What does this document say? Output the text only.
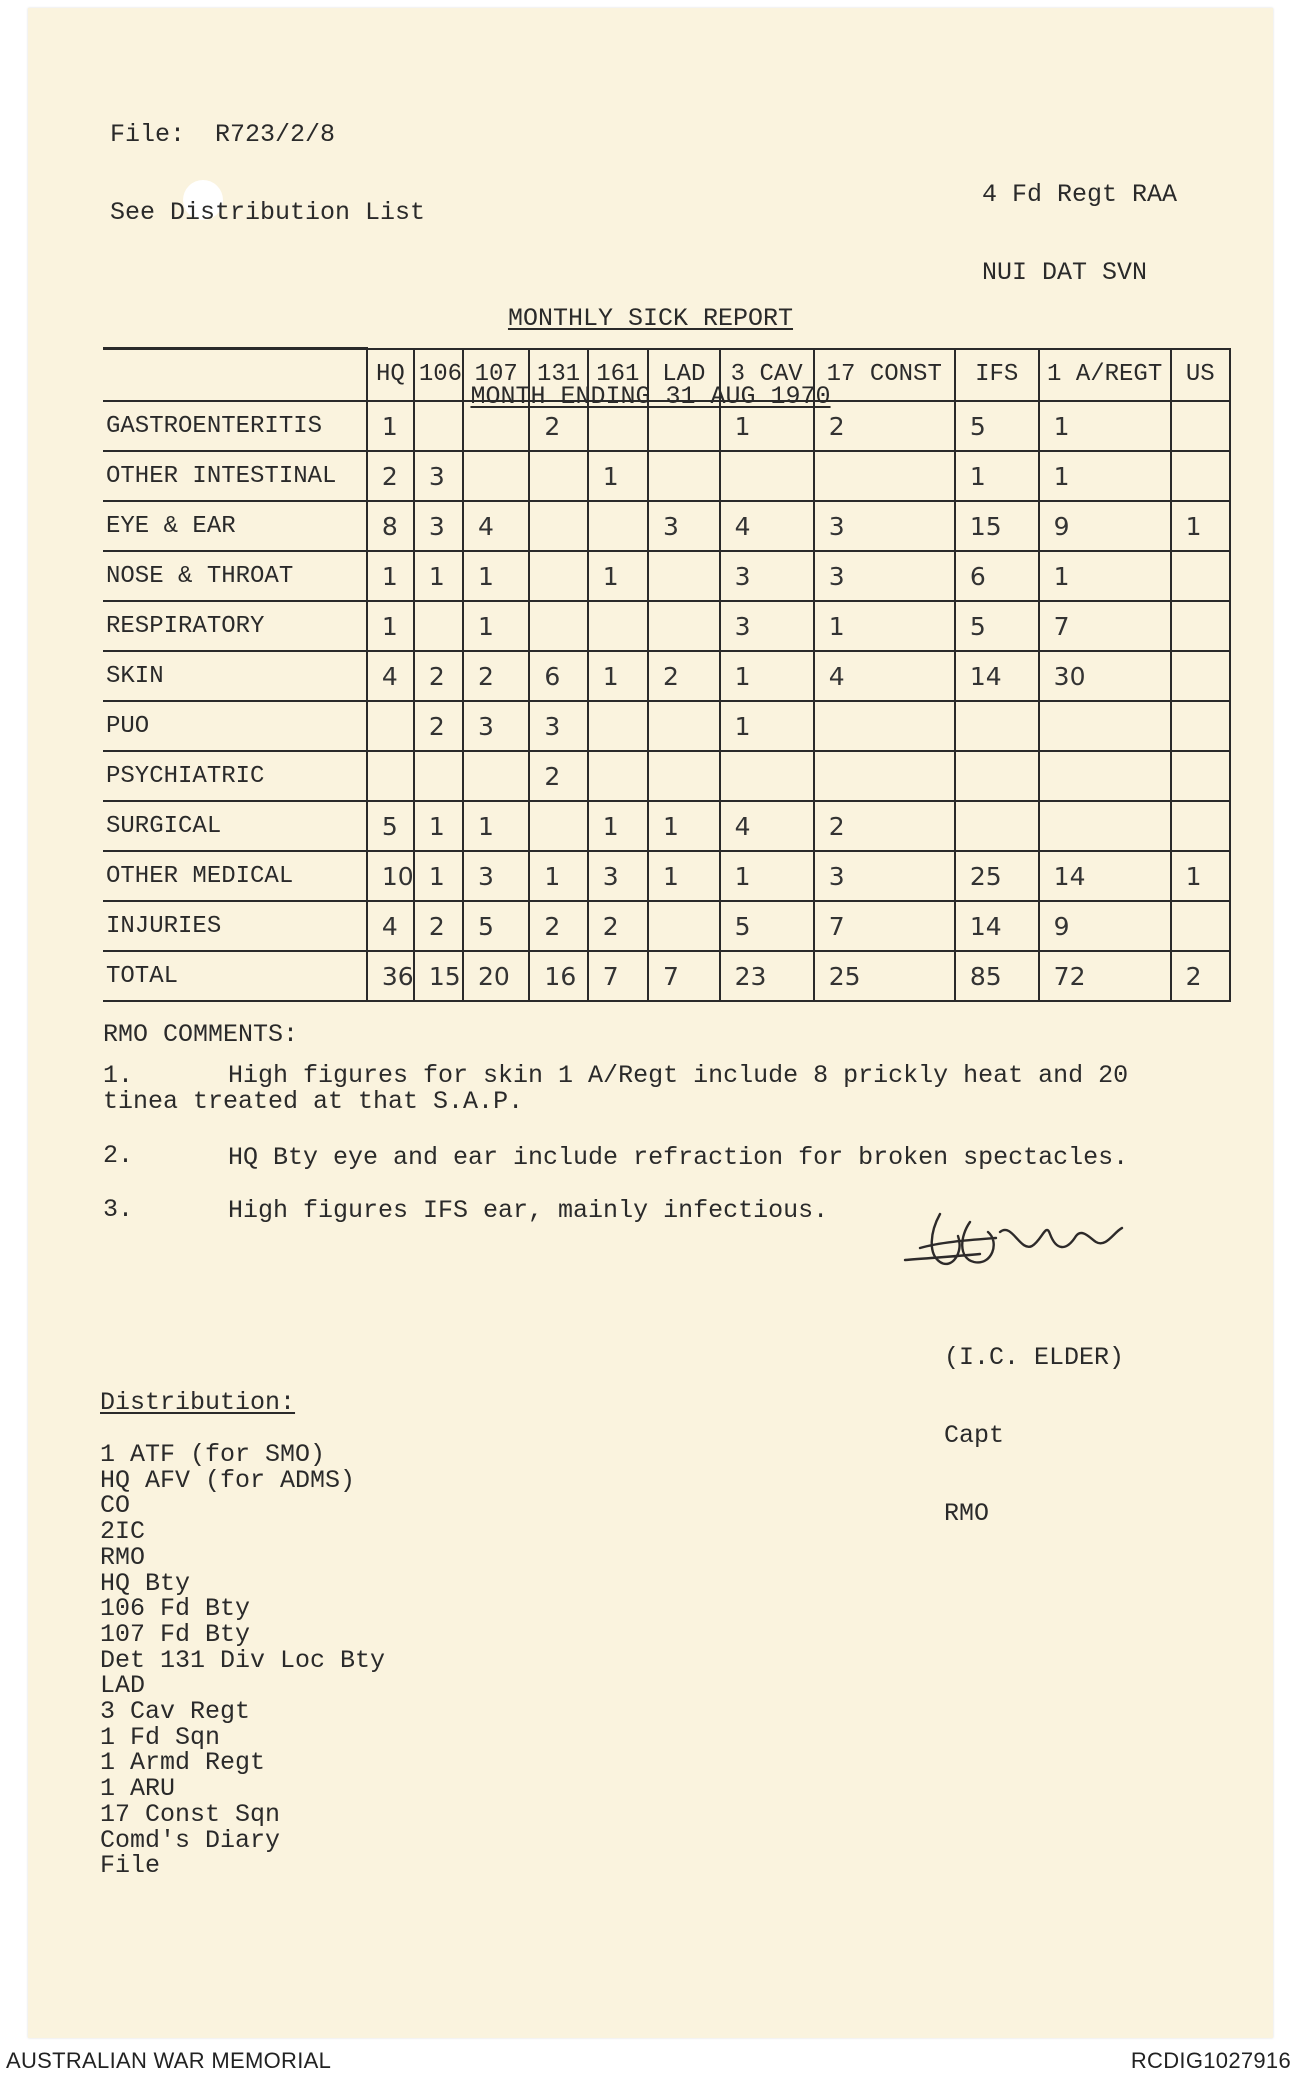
File:  R723/2/8

4 Fd Regt RAA

NUI DAT SVN

See Distribution List

MONTHLY SICK REPORT

MONTH ENDING 31 AUG 1970

	HQ	106	107	131	161	LAD	3 CAV	17 CONST	IFS	1 A/REGT	US
GASTROENTERITIS	1			2			1	2	5	1	
OTHER INTESTINAL	2	3			1				1	1	
EYE & EAR	8	3	4			3	4	3	15	9	1
NOSE & THROAT	1	1	1		1		3	3	6	1	
RESPIRATORY	1		1				3	1	5	7	
SKIN	4	2	2	6	1	2	1	4	14	30	
PUO		2	3	3			1				
PSYCHIATRIC				2							
SURGICAL	5	1	1		1	1	4	2			
OTHER MEDICAL	10	1	3	1	3	1	1	3	25	14	1
INJURIES	4	2	5	2	2		5	7	14	9	
TOTAL	36	15	20	16	7	7	23	25	85	72	2
RMO COMMENTS:
1.	High figures for skin 1 A/Regt include 8 prickly heat and 20
tinea treated at that S.A.P.
2.	HQ Bty eye and ear include refraction for broken spectacles.
3.	High figures IFS ear, mainly infectious.

(I.C. ELDER)

Capt

RMO

Distribution:
1 ATF (for SMO)
HQ AFV (for ADMS)
CO
2IC
RMO
HQ Bty
106 Fd Bty
107 Fd Bty
Det 131 Div Loc Bty
LAD
3 Cav Regt
1 Fd Sqn
1 Armd Regt
1 ARU
17 Const Sqn
Comd's Diary
File
AUSTRALIAN WAR MEMORIAL	RCDIG1027916
